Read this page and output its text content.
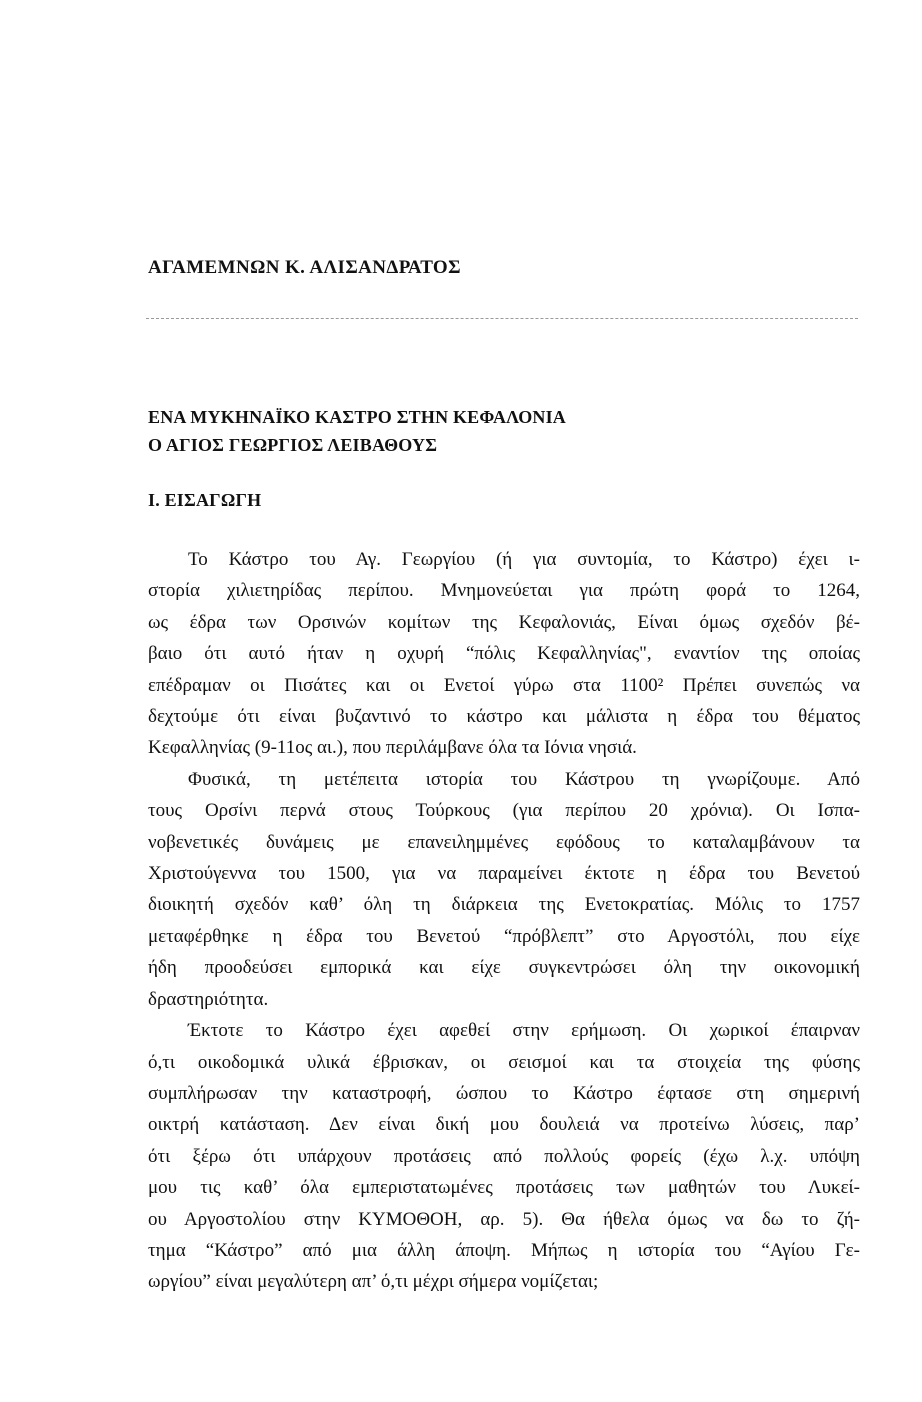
ΑΓΑΜΕΜΝΩΝ Κ. ΑΛΙΣΑΝΔΡΑΤΟΣ
ΕΝΑ ΜΥΚΗΝΑΪΚΟ ΚΑΣΤΡΟ ΣΤΗΝ ΚΕΦΑΛΟΝΙΑ
Ο ΑΓΙΟΣ ΓΕΩΡΓΙΟΣ ΛΕΙΒΑΘΟΥΣ
Ι. ΕΙΣΑΓΩΓΗ

Το Κάστρο του Αγ. Γεωργίου (ή για συντομία, το Κάστρο) έχει ι-
στορία χιλιετηρίδας περίπου. Μνημονεύεται για πρώτη φορά το 1264,
ως έδρα των Ορσινών κομίτων της Κεφαλονιάς, Είναι όμως σχεδόν βέ-
βαιο ότι αυτό ήταν η οχυρή “πόλις Κεφαλληνίας", εναντίον της οποίας
επέδραμαν οι Πισάτες και οι Ενετοί γύρω στα 1100² Πρέπει συνεπώς να
δεχτούμε ότι είναι βυζαντινό το κάστρο και μάλιστα η έδρα του θέματος
Κεφαλληνίας (9-11ος αι.), που περιλάμβανε όλα τα Ιόνια νησιά.

Φυσικά, τη μετέπειτα ιστορία του Κάστρου τη γνωρίζουμε. Από
τους Ορσίνι περνά στους Τούρκους (για περίπου 20 χρόνια). Οι Ισπα-
νοβενετικές δυνάμεις με επανειλημμένες εφόδους το καταλαμβάνουν τα
Χριστούγεννα του 1500, για να παραμείνει έκτοτε η έδρα του Βενετού
διοικητή σχεδόν καθ’ όλη τη διάρκεια της Ενετοκρατίας. Μόλις το 1757
μεταφέρθηκε η έδρα του Βενετού “πρόβλεπτ” στο Αργοστόλι, που είχε
ήδη προοδεύσει εμπορικά και είχε συγκεντρώσει όλη την οικονομική
δραστηριότητα.

Έκτοτε το Κάστρο έχει αφεθεί στην ερήμωση. Οι χωρικοί έπαιρναν
ό,τι οικοδομικά υλικά έβρισκαν, οι σεισμοί και τα στοιχεία της φύσης
συμπλήρωσαν την καταστροφή, ώσπου το Κάστρο έφτασε στη σημερινή
οικτρή κατάσταση. Δεν είναι δική μου δουλειά να προτείνω λύσεις, παρ’
ότι ξέρω ότι υπάρχουν προτάσεις από πολλούς φορείς (έχω λ.χ. υπόψη
μου τις καθ’ όλα εμπεριστατωμένες προτάσεις των μαθητών του Λυκεί-
ου Αργοστολίου στην ΚΥΜΟΘΟΗ, αρ. 5). Θα ήθελα όμως να δω το ζή-
τημα “Κάστρο” από μια άλλη άποψη. Μήπως η ιστορία του “Αγίου Γε-
ωργίου” είναι μεγαλύτερη απ’ ό,τι μέχρι σήμερα νομίζεται;
